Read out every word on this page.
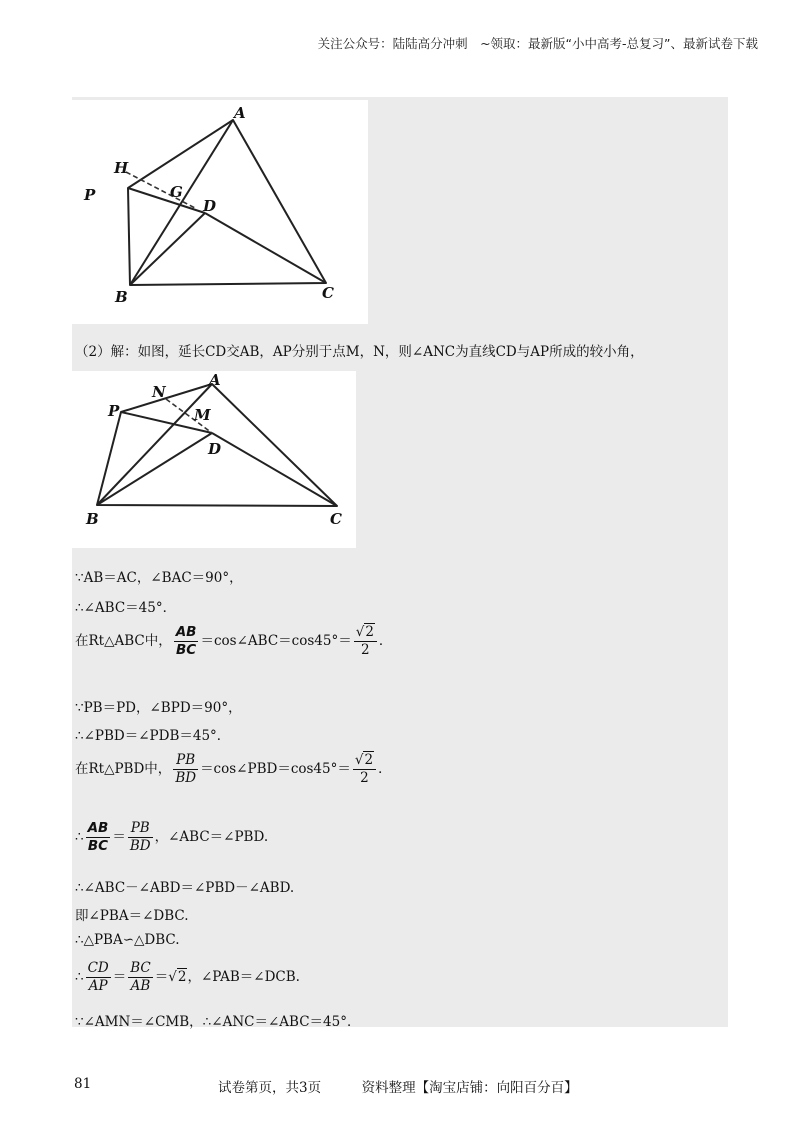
关注公众号：陆陆高分冲刺　~领取：最新版“小中高考-总复习”、最新试卷下载
A
H
G
P
D
B	C
（2）解：如图，延长CD交AB，AP分别于点M，N，则∠ANC为直线CD与AP所成的较小角，
A
N
P	M
D
B	C
∵AB＝AC，∠BAC＝90°，
∴∠ABC＝45°．
在Rt△ABC中， $\frac{AB}{BC}$ ＝cos∠ABC＝cos45°＝ $\frac{√2}{2}$ ．
∵PB＝PD，∠BPD＝90°，
∴∠PBD＝∠PDB＝45°．
在Rt△PBD中， $\frac{PB}{BD}$ ＝cos∠PBD＝cos45°＝ $\frac{√2}{2}$ ．
∴ $\frac{AB}{BC} = \frac{PB}{BD}$ ，∠ABC＝∠PBD.
∴∠ABC－∠ABD＝∠PBD－∠ABD.
即∠PBA＝∠DBC.
∴△PBA∽△DBC.
∴ $\frac{CD}{AP} = \frac{BC}{AB} =√2$，∠PAB＝∠DCB.
∵∠AMN＝∠CMB，∴∠ANC＝∠ABC＝45°．
81	试卷第页，共3页　　　资料整理【淘宝店铺：向阳百分百】
